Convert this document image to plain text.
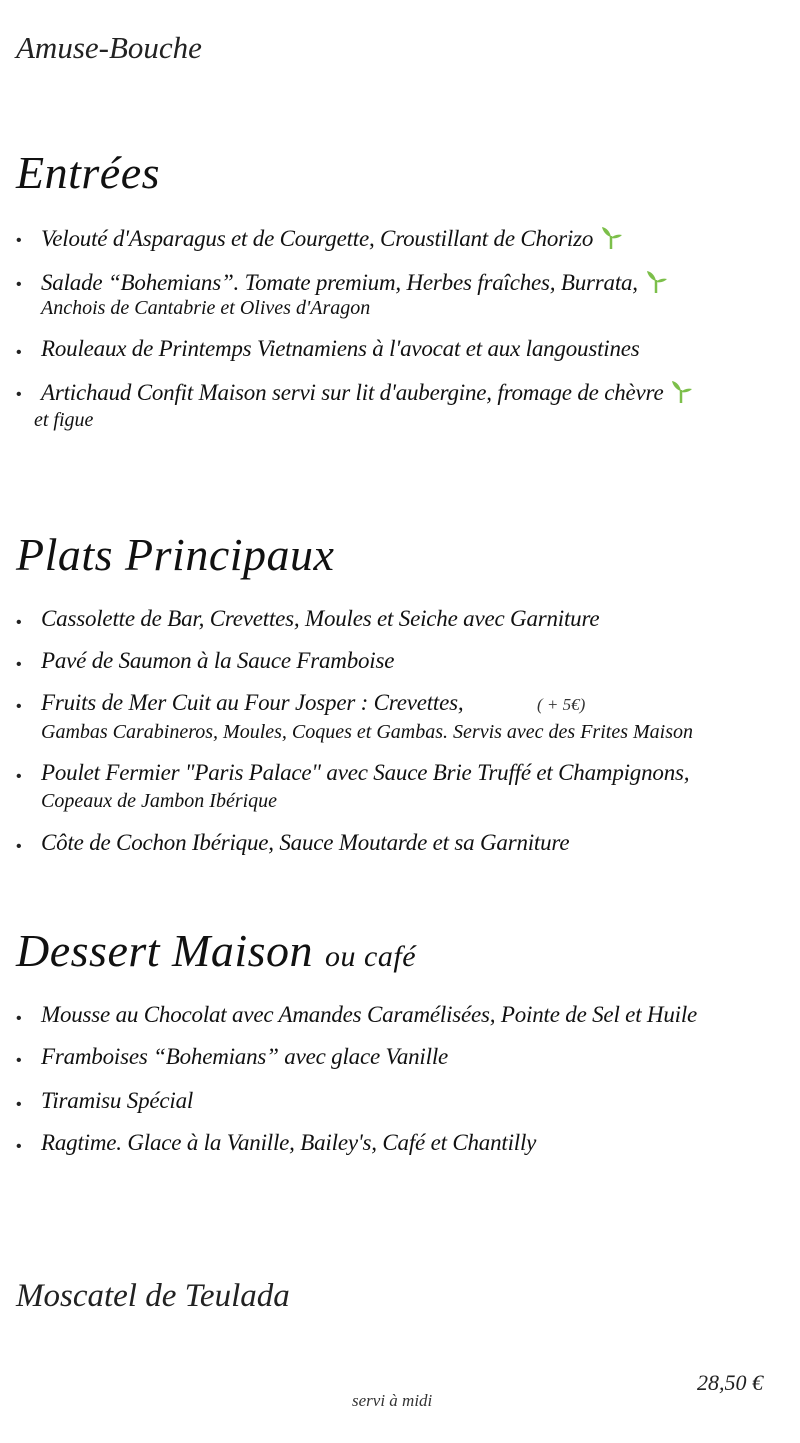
Amuse-Bouche
Entrées
• Velouté d'Asparagus et de Courgette, Croustillant de Chorizo
• Salade “Bohemians”. Tomate premium, Herbes fraîches, Burrata,
Anchois de Cantabrie et Olives d'Aragon
• Rouleaux de Printemps Vietnamiens à l'avocat et aux langoustines
• Artichaud Confit Maison servi sur lit d'aubergine, fromage de chèvre
et figue
Plats Principaux
• Cassolette de Bar, Crevettes, Moules et Seiche avec Garniture
• Pavé de Saumon à la Sauce Framboise
• Fruits de Mer Cuit au Four Josper : Crevettes,	( + 5€)
Gambas Carabineros, Moules, Coques et Gambas. Servis avec des Frites Maison
• Poulet Fermier "Paris Palace" avec Sauce Brie Truffé et Champignons,
Copeaux de Jambon Ibérique
• Côte de Cochon Ibérique, Sauce Moutarde et sa Garniture
Dessert Maison ou café
• Mousse au Chocolat avec Amandes Caramélisées, Pointe de Sel et Huile
• Framboises “Bohemians” avec glace Vanille
• Tiramisu Spécial
• Ragtime. Glace à la Vanille, Bailey's, Café et Chantilly
Moscatel de Teulada
28,50 €
servi à midi
